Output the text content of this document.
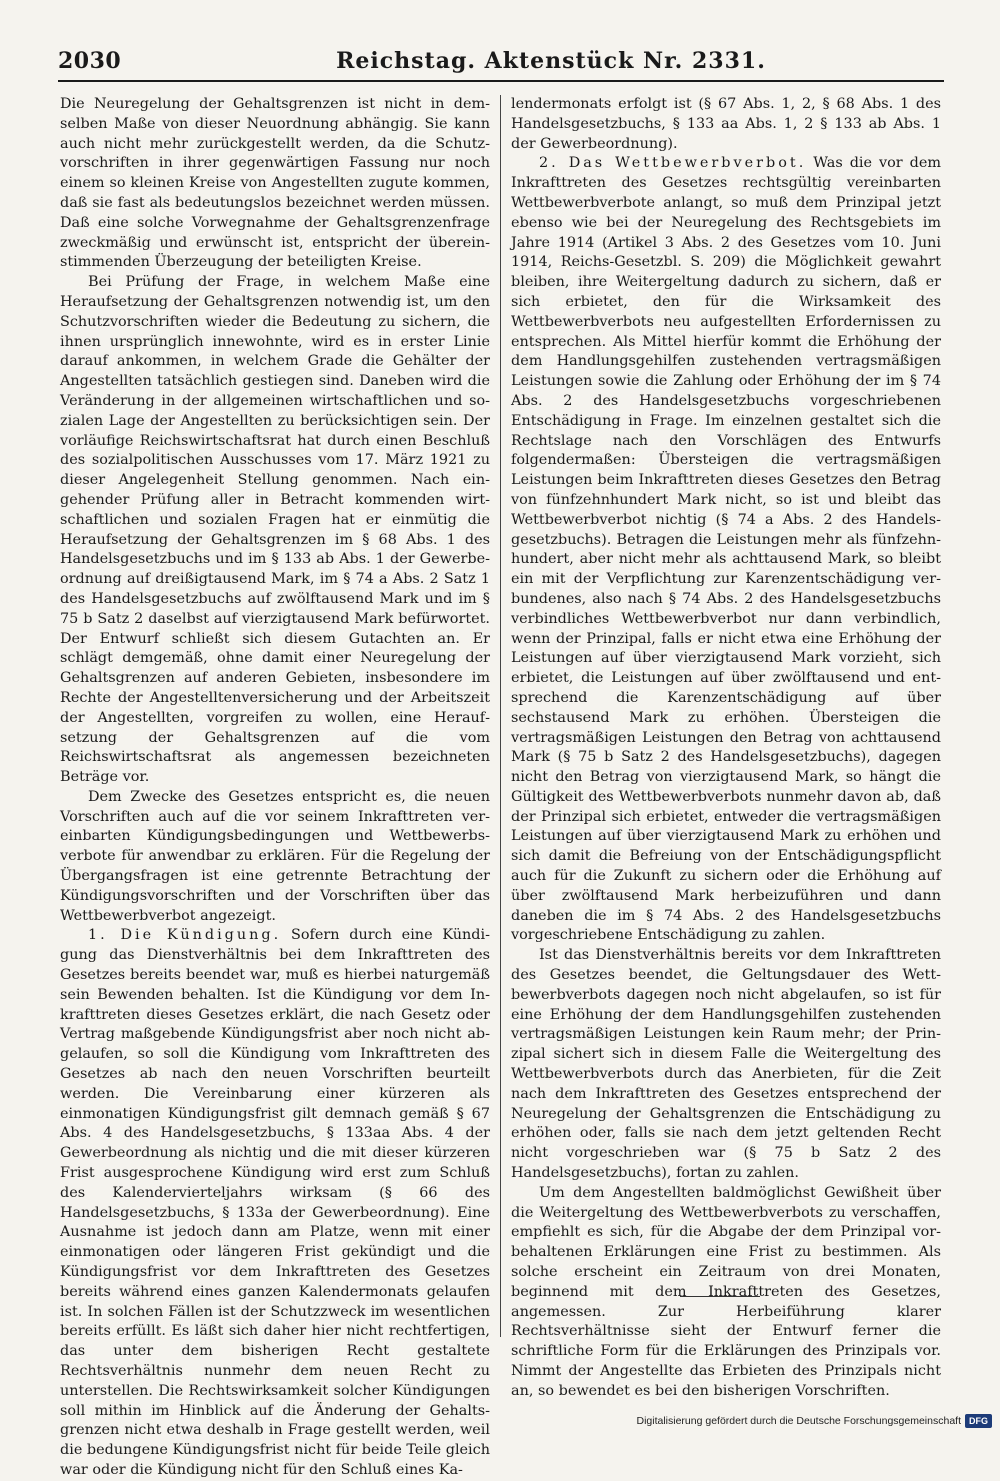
2030	Reichstag. Aktenstück Nr. 2331.

Die Neuregelung der Gehaltsgrenzen ist nicht in demselben Maße von dieser Neuordnung abhängig. Sie kann auch nicht mehr zurückgestellt werden, da die Schutzvorschriften in ihrer gegenwärtigen Fassung nur noch einem so kleinen Kreise von Angestellten zugute kommen, daß sie fast als bedeutungslos bezeichnet werden müssen. Daß eine solche Vorwegnahme der Gehaltsgrenzenfrage zweckmäßig und erwünscht ist, entspricht der übereinstimmenden Überzeugung der beteiligten Kreise.

Bei Prüfung der Frage, in welchem Maße eine Heraufsetzung der Gehaltsgrenzen notwendig ist, um den Schutzvorschriften wieder die Bedeutung zu sichern, die ihnen ursprünglich innewohnte, wird es in erster Linie darauf ankommen, in welchem Grade die Gehälter der Angestellten tatsächlich gestiegen sind. Daneben wird die Veränderung in der allgemeinen wirtschaftlichen und sozialen Lage der Angestellten zu berücksichtigen sein. Der vorläufige Reichswirtschaftsrat hat durch einen Beschluß des sozialpolitischen Ausschusses vom 17. März 1921 zu dieser Angelegenheit Stellung genommen. Nach eingehender Prüfung aller in Betracht kommenden wirtschaftlichen und sozialen Fragen hat er einmütig die Heraufsetzung der Gehaltsgrenzen im § 68 Abs. 1 des Handelsgesetzbuchs und im § 133 ab Abs. 1 der Gewerbeordnung auf dreißigtausend Mark, im § 74 a Abs. 2 Satz 1 des Handelsgesetzbuchs auf zwölftausend Mark und im § 75 b Satz 2 daselbst auf vierzigtausend Mark befürwortet. Der Entwurf schließt sich diesem Gutachten an. Er schlägt demgemäß, ohne damit einer Neuregelung der Gehaltsgrenzen auf anderen Gebieten, insbesondere im Rechte der Angestelltenversicherung und der Arbeitszeit der Angestellten, vorgreifen zu wollen, eine Heraufsetzung der Gehaltsgrenzen auf die vom Reichswirtschaftsrat als angemessen bezeichneten Beträge vor.

Dem Zwecke des Gesetzes entspricht es, die neuen Vorschriften auch auf die vor seinem Inkrafttreten vereinbarten Kündigungsbedingungen und Wettbewerbsverbote für anwendbar zu erklären. Für die Regelung der Übergangsfragen ist eine getrennte Betrachtung der Kündigungsvorschriften und der Vorschriften über das Wettbewerbverbot angezeigt.

1. Die Kündigung. Sofern durch eine Kündigung das Dienstverhältnis bei dem Inkrafttreten des Gesetzes bereits beendet war, muß es hierbei naturgemäß sein Bewenden behalten. Ist die Kündigung vor dem Inkrafttreten dieses Gesetzes erklärt, die nach Gesetz oder Vertrag maßgebende Kündigungsfrist aber noch nicht abgelaufen, so soll die Kündigung vom Inkrafttreten des Gesetzes ab nach den neuen Vorschriften beurteilt werden. Die Vereinbarung einer kürzeren als einmonatigen Kündigungsfrist gilt demnach gemäß § 67 Abs. 4 des Handelsgesetzbuchs, § 133aa Abs. 4 der Gewerbeordnung als nichtig und die mit dieser kürzeren Frist ausgesprochene Kündigung wird erst zum Schluß des Kalendervierteljahrs wirksam (§ 66 des Handelsgesetzbuchs, § 133a der Gewerbeordnung). Eine Ausnahme ist jedoch dann am Platze, wenn mit einer einmonatigen oder längeren Frist gekündigt und die Kündigungsfrist vor dem Inkrafttreten des Gesetzes bereits während eines ganzen Kalendermonats gelaufen ist. In solchen Fällen ist der Schutzzweck im wesentlichen bereits erfüllt. Es läßt sich daher hier nicht rechtfertigen, das unter dem bisherigen Recht gestaltete Rechtsverhältnis nunmehr dem neuen Recht zu unterstellen. Die Rechtswirksamkeit solcher Kündigungen soll mithin im Hinblick auf die Änderung der Gehaltsgrenzen nicht etwa deshalb in Frage gestellt werden, weil die bedungene Kündigungsfrist nicht für beide Teile gleich war oder die Kündigung nicht für den Schluß eines Ka-

lendermonats erfolgt ist (§ 67 Abs. 1, 2, § 68 Abs. 1 des Handelsgesetzbuchs, § 133 aa Abs. 1, 2 § 133 ab Abs. 1 der Gewerbeordnung).

2. Das Wettbewerbverbot. Was die vor dem Inkrafttreten des Gesetzes rechtsgültig vereinbarten Wettbewerbverbote anlangt, so muß dem Prinzipal jetzt ebenso wie bei der Neuregelung des Rechtsgebiets im Jahre 1914 (Artikel 3 Abs. 2 des Gesetzes vom 10. Juni 1914, Reichs-Gesetzbl. S. 209) die Möglichkeit gewahrt bleiben, ihre Weitergeltung dadurch zu sichern, daß er sich erbietet, den für die Wirksamkeit des Wettbewerbverbots neu aufgestellten Erfordernissen zu entsprechen. Als Mittel hierfür kommt die Erhöhung der dem Handlungsgehilfen zustehenden vertragsmäßigen Leistungen sowie die Zahlung oder Erhöhung der im § 74 Abs. 2 des Handelsgesetzbuchs vorgeschriebenen Entschädigung in Frage. Im einzelnen gestaltet sich die Rechtslage nach den Vorschlägen des Entwurfs folgendermaßen: Übersteigen die vertragsmäßigen Leistungen beim Inkrafttreten dieses Gesetzes den Betrag von fünfzehnhundert Mark nicht, so ist und bleibt das Wettbewerbverbot nichtig (§ 74 a Abs. 2 des Handelsgesetzbuchs). Betragen die Leistungen mehr als fünfzehnhundert, aber nicht mehr als achttausend Mark, so bleibt ein mit der Verpflichtung zur Karenzentschädigung verbundenes, also nach § 74 Abs. 2 des Handelsgesetzbuchs verbindliches Wettbewerbverbot nur dann verbindlich, wenn der Prinzipal, falls er nicht etwa eine Erhöhung der Leistungen auf über vierzigtausend Mark vorzieht, sich erbietet, die Leistungen auf über zwölftausend und entsprechend die Karenzentschädigung auf über sechstausend Mark zu erhöhen. Übersteigen die vertragsmäßigen Leistungen den Betrag von achttausend Mark (§ 75 b Satz 2 des Handelsgesetzbuchs), dagegen nicht den Betrag von vierzigtausend Mark, so hängt die Gültigkeit des Wettbewerbverbots nunmehr davon ab, daß der Prinzipal sich erbietet, entweder die vertragsmäßigen Leistungen auf über vierzigtausend Mark zu erhöhen und sich damit die Befreiung von der Entschädigungspflicht auch für die Zukunft zu sichern oder die Erhöhung auf über zwölftausend Mark herbeizuführen und dann daneben die im § 74 Abs. 2 des Handelsgesetzbuchs vorgeschriebene Entschädigung zu zahlen.

Ist das Dienstverhältnis bereits vor dem Inkrafttreten des Gesetzes beendet, die Geltungsdauer des Wettbewerbverbots dagegen noch nicht abgelaufen, so ist für eine Erhöhung der dem Handlungsgehilfen zustehenden vertragsmäßigen Leistungen kein Raum mehr; der Prinzipal sichert sich in diesem Falle die Weitergeltung des Wettbewerbverbots durch das Anerbieten, für die Zeit nach dem Inkrafttreten des Gesetzes entsprechend der Neuregelung der Gehaltsgrenzen die Entschädigung zu erhöhen oder, falls sie nach dem jetzt geltenden Recht nicht vorgeschrieben war (§ 75 b Satz 2 des Handelsgesetzbuchs), fortan zu zahlen.

Um dem Angestellten baldmöglichst Gewißheit über die Weitergeltung des Wettbewerbverbots zu verschaffen, empfiehlt es sich, für die Abgabe der dem Prinzipal vorbehaltenen Erklärungen eine Frist zu bestimmen. Als solche erscheint ein Zeitraum von drei Monaten, beginnend mit dem Inkrafttreten des Gesetzes, angemessen. Zur Herbeiführung klarer Rechtsverhältnisse sieht der Entwurf ferner die schriftliche Form für die Erklärungen des Prinzipals vor. Nimmt der Angestellte das Erbieten des Prinzipals nicht an, so bewendet es bei den bisherigen Vorschriften.

Digitalisierung gefördert durch die Deutsche Forschungsgemeinschaft DFG
